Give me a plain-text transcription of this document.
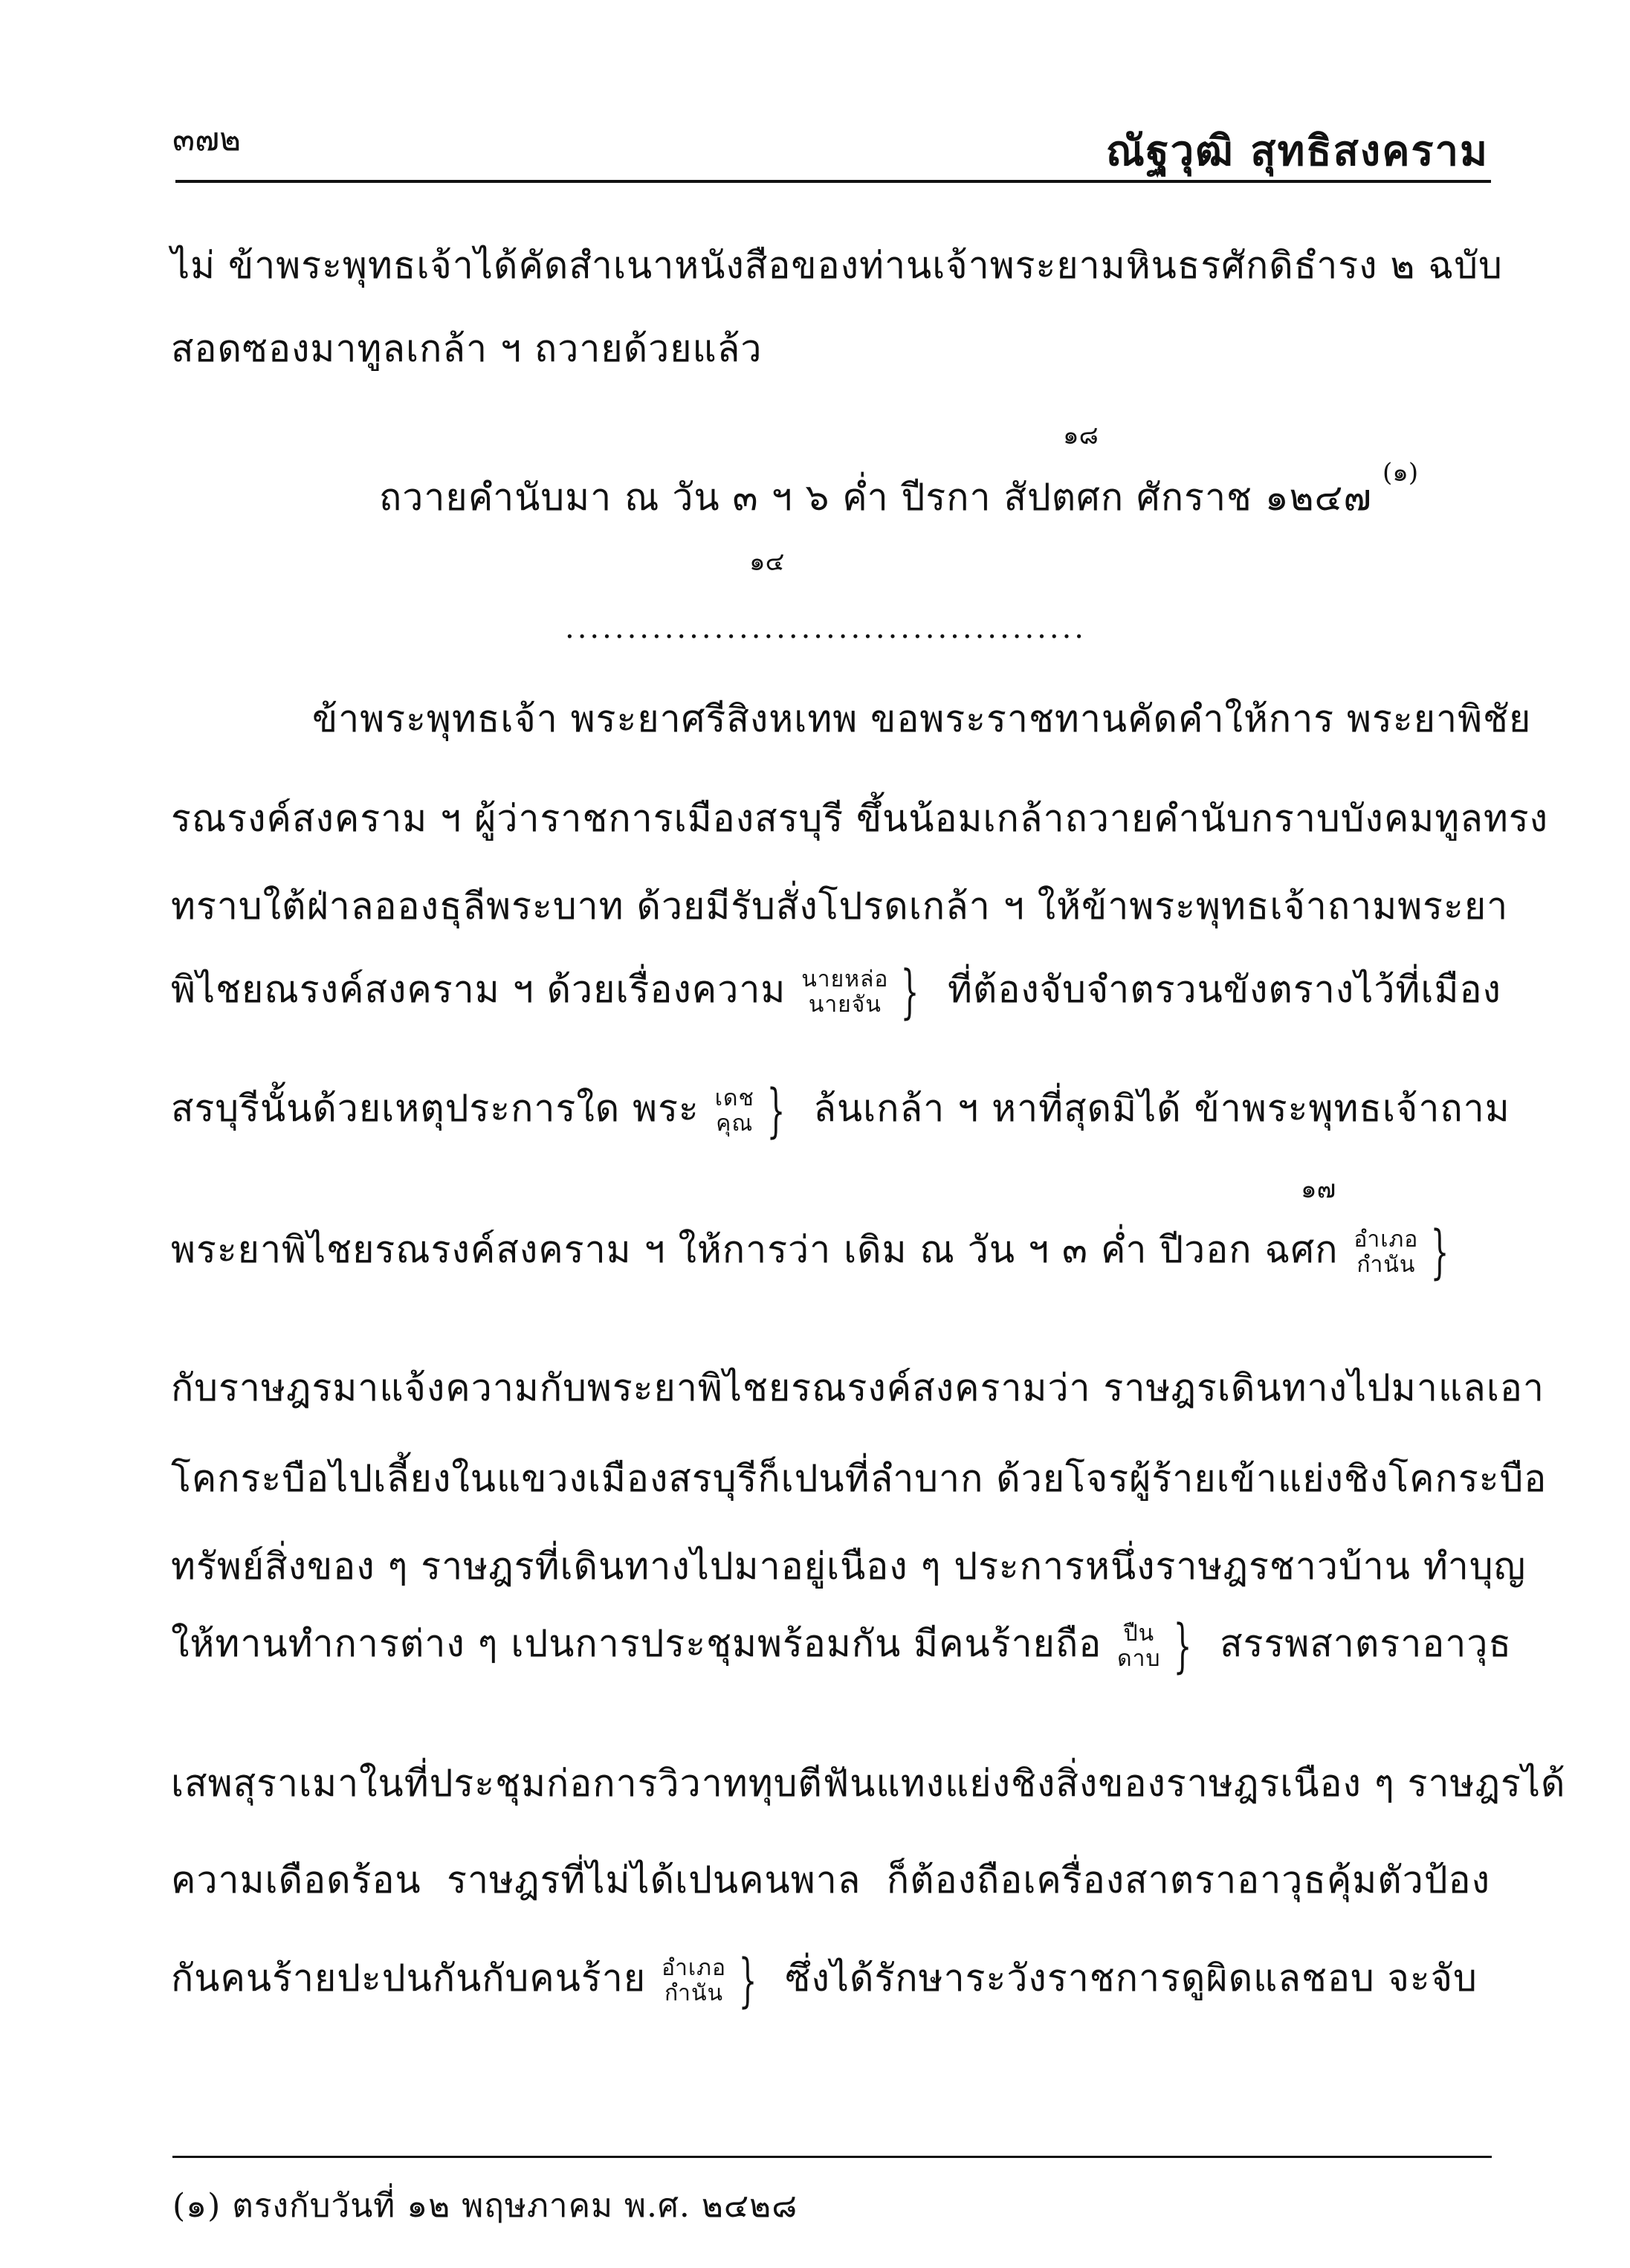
๓๗๒	ณัฐวุฒิ สุทธิสงคราม
ไม่ ข้าพระพุทธเจ้าได้คัดสำเนาหนังสือของท่านเจ้าพระยามหินธรศักดิธำรง ๒ ฉบับ
สอดซองมาทูลเกล้า ฯ ถวายด้วยแล้ว
๑๘
ถวายคำนับมา ณ วัน ๓ ฯ ๖ ค่ำ ปีรกา สัปตศก ศักราช ๑๒๔๗
(๑)
๑๔
..........................................
ข้าพระพุทธเจ้า พระยาศรีสิงหเทพ ขอพระราชทานคัดคำให้การ พระยาพิชัย
รณรงค์สงคราม ฯ ผู้ว่าราชการเมืองสรบุรี ขึ้นน้อมเกล้าถวายคำนับกราบบังคมทูลทรง
ทราบใต้ฝ่าลอองธุลีพระบาท ด้วยมีรับสั่งโปรดเกล้า ฯ ให้ข้าพระพุทธเจ้าถามพระยา
พิไชยณรงค์สงคราม ฯ ด้วยเรื่องความ นายหล่อ
นายจัน } ที่ต้องจับจำตรวนขังตรางไว้ที่เมือง
สรบุรีนั้นด้วยเหตุประการใด พระ เดช
คุณ } ล้นเกล้า ฯ หาที่สุดมิได้ ข้าพระพุทธเจ้าถาม
๑๗
พระยาพิไชยรณรงค์สงคราม ฯ ให้การว่า เดิม ณ วัน ฯ ๓ ค่ำ ปีวอก ฉศก อำเภอ
กำนัน }
กับราษฎรมาแจ้งความกับพระยาพิไชยรณรงค์สงครามว่า ราษฎรเดินทางไปมาแลเอา
โคกระบือไปเลี้ยงในแขวงเมืองสรบุรีก็เปนที่ลำบาก ด้วยโจรผู้ร้ายเข้าแย่งชิงโคกระบือ
ทรัพย์สิ่งของ ๆ ราษฎรที่เดินทางไปมาอยู่เนือง ๆ ประการหนึ่งราษฎรชาวบ้าน ทำบุญ
ให้ทานทำการต่าง ๆ เปนการประชุมพร้อมกัน มีคนร้ายถือ ปืน
ดาบ } สรรพสาตราอาวุธ
เสพสุราเมาในที่ประชุมก่อการวิวาททุบตีฟันแทงแย่งชิงสิ่งของราษฎรเนือง ๆ ราษฎรได้
ความเดือดร้อน ราษฎรที่ไม่ได้เปนคนพาล ก็ต้องถือเครื่องสาตราอาวุธคุ้มตัวป้อง
กันคนร้ายปะปนกันกับคนร้าย อำเภอ
กำนัน } ซึ่งได้รักษาระวังราชการดูผิดแลชอบ จะจับ
(๑) ตรงกับวันที่ ๑๒ พฤษภาคม พ.ศ. ๒๔๒๘
